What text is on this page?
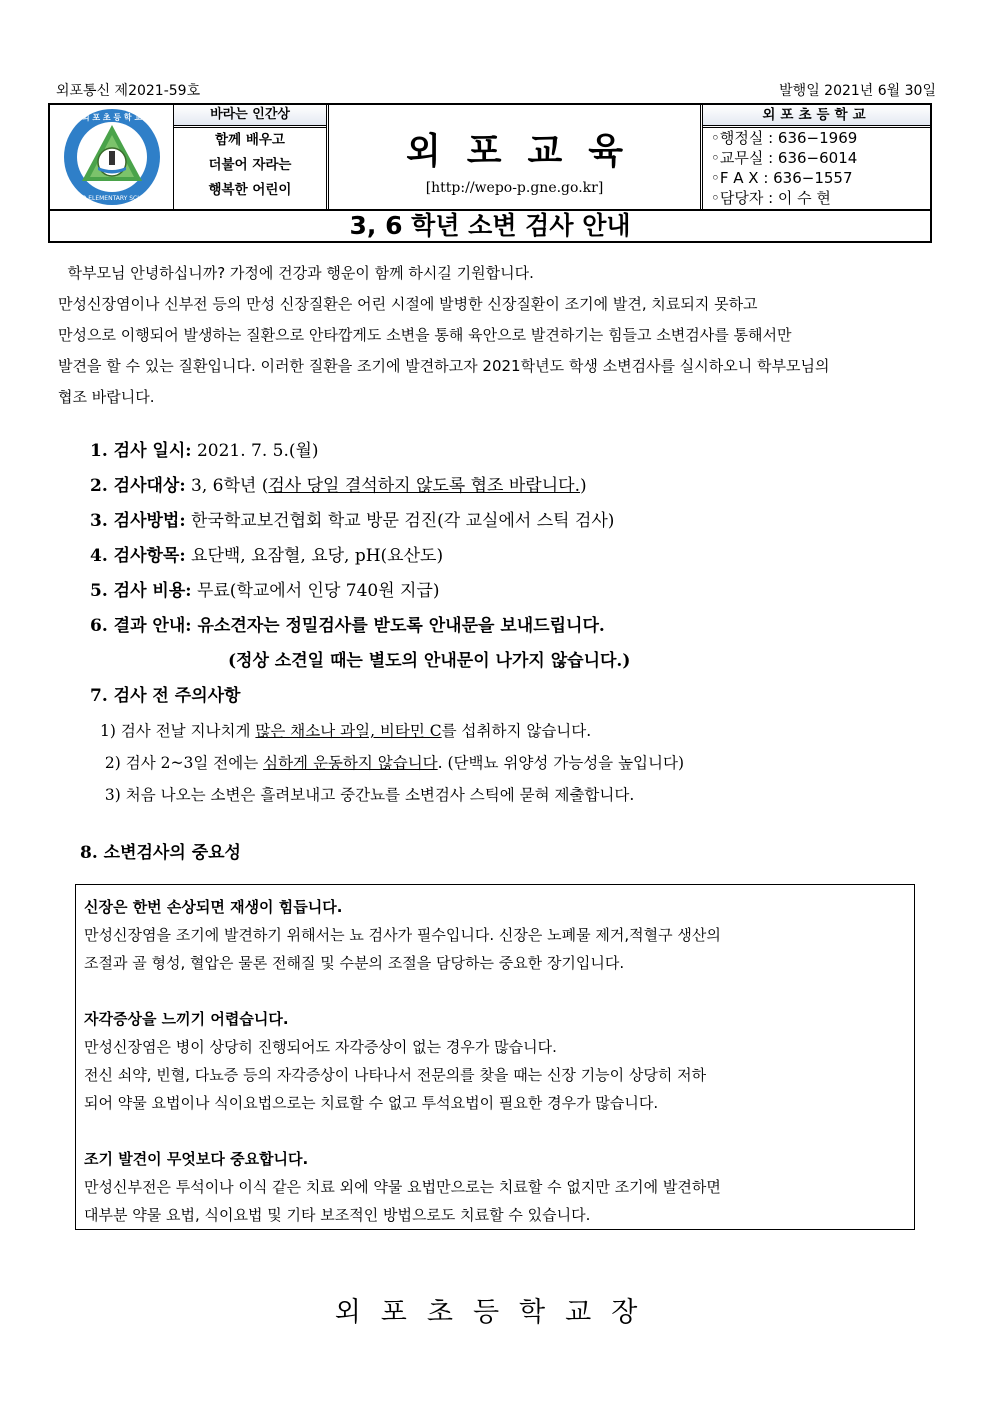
외포통신 제2021-59호	발행일 2021년 6월 30일
외 포 초 등 학 교
OEPO ELEMENTARY SCHOOL
바라는 인간상
함께 배우고
더불어 자라는
행복한 어린이
외포교육
[http://wepo-p.gne.go.kr]
외포초등학교
◦행정실 : 636−1969
◦교무실 : 636−6014
◦F A X : 636−1557
◦담당자 : 이 수 현
3, 6 학년 소변 검사 안내

학부모님 안녕하십니까? 가정에 건강과 행운이 함께 하시길 기원합니다.

만성신장염이나 신부전 등의 만성 신장질환은 어린 시절에 발병한 신장질환이 조기에 발견, 치료되지 못하고

만성으로 이행되어 발생하는 질환으로 안타깝게도 소변을 통해 육안으로 발견하기는 힘들고 소변검사를 통해서만

발견을 할 수 있는 질환입니다. 이러한 질환을 조기에 발견하고자 2021학년도 학생 소변검사를 실시하오니 학부모님의

협조 바랍니다.

1. 검사 일시: 2021. 7. 5.(월)
2. 검사대상: 3, 6학년 (검사 당일 결석하지 않도록 협조 바랍니다.)
3. 검사방법: 한국학교보건협회 학교 방문 검진(각 교실에서 스틱 검사)
4. 검사항목: 요단백, 요잠혈, 요당, pH(요산도)
5. 검사 비용: 무료(학교에서 인당 740원 지급)
6. 결과 안내: 유소견자는 정밀검사를 받도록 안내문을 보내드립니다.
(정상 소견일 때는 별도의 안내문이 나가지 않습니다.)
7. 검사 전 주의사항
1) 검사 전날 지나치게 많은 채소나 과일, 비타민 C를 섭취하지 않습니다.
2) 검사 2~3일 전에는 심하게 운동하지 않습니다. (단백뇨 위양성 가능성을 높입니다)
3) 처음 나오는 소변은 흘려보내고 중간뇨를 소변검사 스틱에 묻혀 제출합니다.
8. 소변검사의 중요성

신장은 한번 손상되면 재생이 힘듭니다.

만성신장염을 조기에 발견하기 위해서는 뇨 검사가 필수입니다. 신장은 노폐물 제거,적혈구 생산의

조절과 골 형성, 혈압은 물론 전해질 및 수분의 조절을 담당하는 중요한 장기입니다.

자각증상을 느끼기 어렵습니다.

만성신장염은 병이 상당히 진행되어도 자각증상이 없는 경우가 많습니다.

전신 쇠약, 빈혈, 다뇨증 등의 자각증상이 나타나서 전문의를 찾을 때는 신장 기능이 상당히 저하

되어 약물 요법이나 식이요법으로는 치료할 수 없고 투석요법이 필요한 경우가 많습니다.

조기 발견이 무엇보다 중요합니다.

만성신부전은 투석이나 이식 같은 치료 외에 약물 요법만으로는 치료할 수 없지만 조기에 발견하면

대부분 약물 요법, 식이요법 및 기타 보조적인 방법으로도 치료할 수 있습니다.

외포초등학교장
